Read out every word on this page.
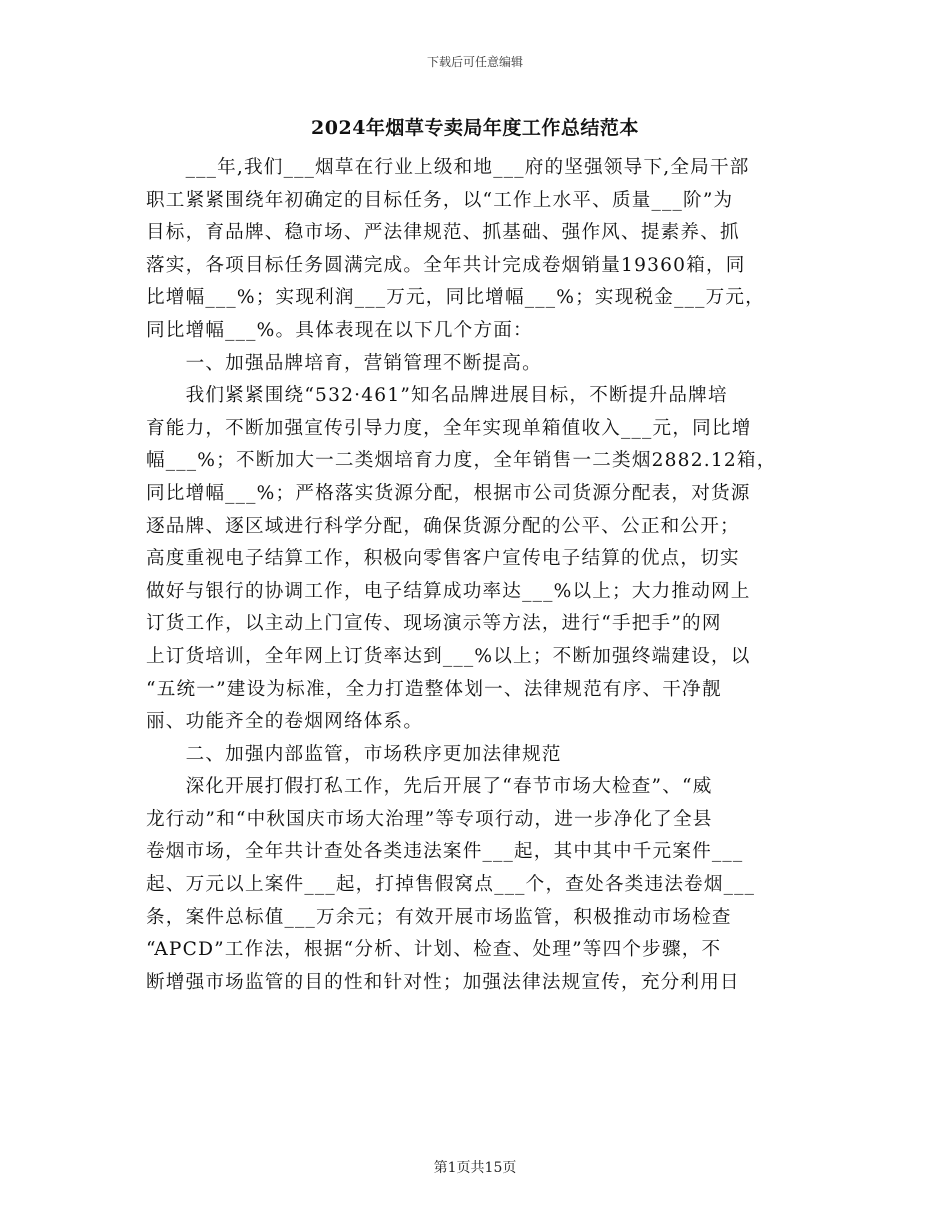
下载后可任意编辑
2024年烟草专卖局年度工作总结范本
　　___年,我们___烟草在行业上级和地___府的坚强领导下,全局干部
职工紧紧围绕年初确定的目标任务，以“工作上水平、质量___阶”为
目标，育品牌、稳市场、严法律规范、抓基础、强作风、提素养、抓
落实，各项目标任务圆满完成。全年共计完成卷烟销量19360箱，同
比增幅___%；实现利润___万元，同比增幅___%；实现税金___万元，
同比增幅___%。具体表现在以下几个方面：
　　一、加强品牌培育，营销管理不断提高。
　　我们紧紧围绕“532·461”知名品牌进展目标，不断提升品牌培
育能力，不断加强宣传引导力度，全年实现单箱值收入___元，同比增
幅___%；不断加大一二类烟培育力度，全年销售一二类烟2882.12箱，
同比增幅___%；严格落实货源分配，根据市公司货源分配表，对货源
逐品牌、逐区域进行科学分配，确保货源分配的公平、公正和公开；
高度重视电子结算工作，积极向零售客户宣传电子结算的优点，切实
做好与银行的协调工作，电子结算成功率达___%以上；大力推动网上
订货工作，以主动上门宣传、现场演示等方法，进行“手把手”的网
上订货培训，全年网上订货率达到___%以上；不断加强终端建设，以
“五统一”建设为标准，全力打造整体划一、法律规范有序、干净靓
丽、功能齐全的卷烟网络体系。
　　二、加强内部监管，市场秩序更加法律规范
　　深化开展打假打私工作，先后开展了“春节市场大检查”、“威
龙行动”和“中秋国庆市场大治理”等专项行动，进一步净化了全县
卷烟市场，全年共计查处各类违法案件___起，其中其中千元案件___
起、万元以上案件___起，打掉售假窝点___个，查处各类违法卷烟___
条，案件总标值___万余元；有效开展市场监管，积极推动市场检查
“APCD”工作法，根据“分析、计划、检查、处理”等四个步骤，不
断增强市场监管的目的性和针对性；加强法律法规宣传，充分利用日
第1页共15页
